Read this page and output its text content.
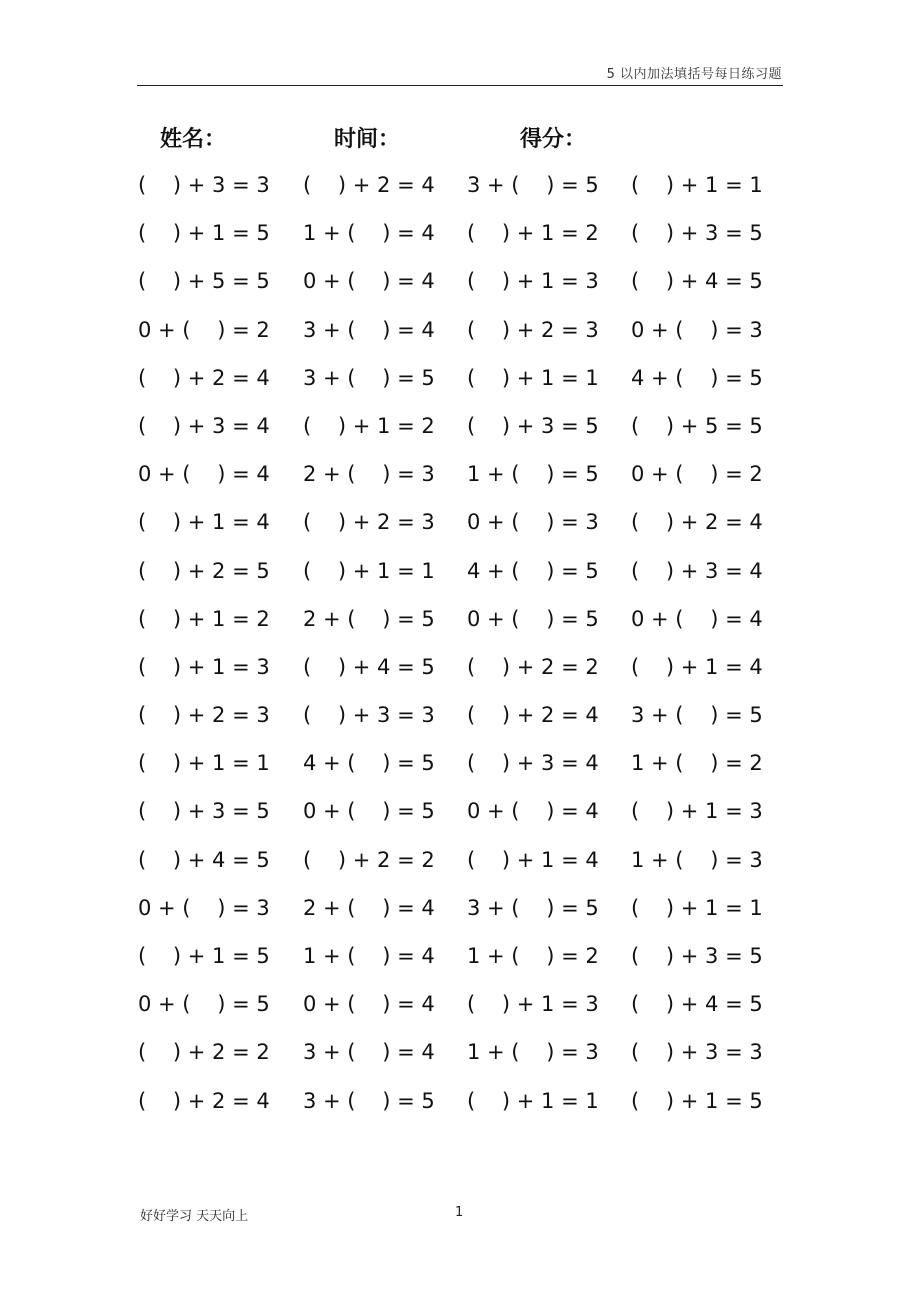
5 以内加法填括号每日练习题
姓名：	时间：	得分：
(    ) + 3 = 3 (    ) + 2 = 4 3 + (    ) = 5 (    ) + 1 = 1
(    ) + 1 = 5 1 + (    ) = 4 (    ) + 1 = 2 (    ) + 3 = 5
(    ) + 5 = 5 0 + (    ) = 4 (    ) + 1 = 3 (    ) + 4 = 5
0 + (    ) = 2 3 + (    ) = 4 (    ) + 2 = 3 0 + (    ) = 3
(    ) + 2 = 4 3 + (    ) = 5 (    ) + 1 = 1 4 + (    ) = 5
(    ) + 3 = 4 (    ) + 1 = 2 (    ) + 3 = 5 (    ) + 5 = 5
0 + (    ) = 4 2 + (    ) = 3 1 + (    ) = 5 0 + (    ) = 2
(    ) + 1 = 4 (    ) + 2 = 3 0 + (    ) = 3 (    ) + 2 = 4
(    ) + 2 = 5 (    ) + 1 = 1 4 + (    ) = 5 (    ) + 3 = 4
(    ) + 1 = 2 2 + (    ) = 5 0 + (    ) = 5 0 + (    ) = 4
(    ) + 1 = 3 (    ) + 4 = 5 (    ) + 2 = 2 (    ) + 1 = 4
(    ) + 2 = 3 (    ) + 3 = 3 (    ) + 2 = 4 3 + (    ) = 5
(    ) + 1 = 1 4 + (    ) = 5 (    ) + 3 = 4 1 + (    ) = 2
(    ) + 3 = 5 0 + (    ) = 5 0 + (    ) = 4 (    ) + 1 = 3
(    ) + 4 = 5 (    ) + 2 = 2 (    ) + 1 = 4 1 + (    ) = 3
0 + (    ) = 3 2 + (    ) = 4 3 + (    ) = 5 (    ) + 1 = 1
(    ) + 1 = 5 1 + (    ) = 4 1 + (    ) = 2 (    ) + 3 = 5
0 + (    ) = 5 0 + (    ) = 4 (    ) + 1 = 3 (    ) + 4 = 5
(    ) + 2 = 2 3 + (    ) = 4 1 + (    ) = 3 (    ) + 3 = 3
(    ) + 2 = 4 3 + (    ) = 5 (    ) + 1 = 1 (    ) + 1 = 5
好好学习 天天向上	1
